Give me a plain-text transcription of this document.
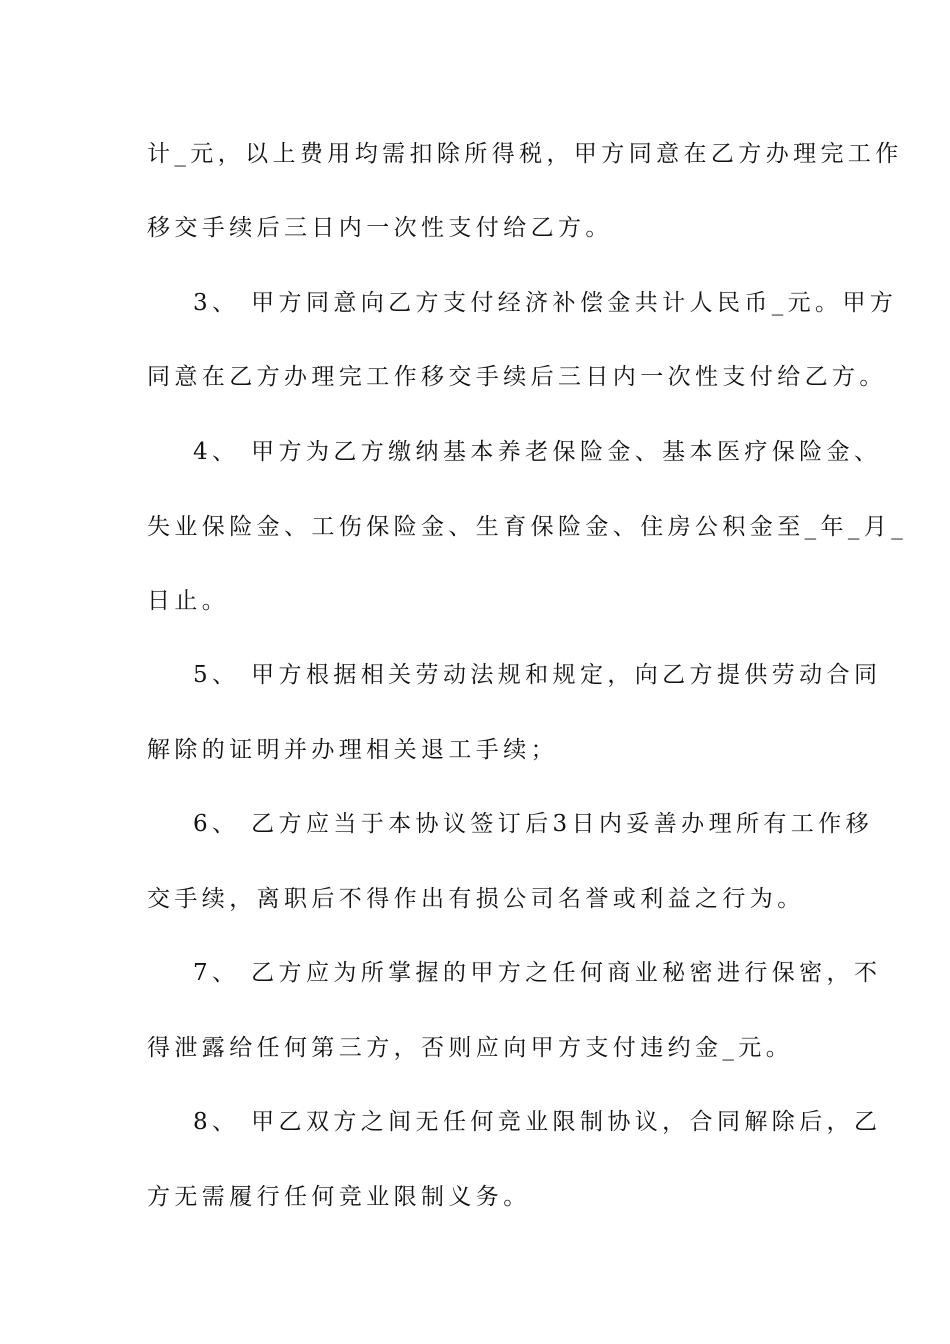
计_元，以上费用均需扣除所得税，甲方同意在乙方办理完工作
移交手续后三日内一次性支付给乙方。
3、 甲方同意向乙方支付经济补偿金共计人民币_元。甲方
同意在乙方办理完工作移交手续后三日内一次性支付给乙方。
4、 甲方为乙方缴纳基本养老保险金、基本医疗保险金、
失业保险金、工伤保险金、生育保险金、住房公积金至_年_月_
日止。
5、 甲方根据相关劳动法规和规定，向乙方提供劳动合同
解除的证明并办理相关退工手续；
6、 乙方应当于本协议签订后3日内妥善办理所有工作移
交手续，离职后不得作出有损公司名誉或利益之行为。
7、 乙方应为所掌握的甲方之任何商业秘密进行保密，不
得泄露给任何第三方，否则应向甲方支付违约金_元。
8、 甲乙双方之间无任何竞业限制协议，合同解除后，乙
方无需履行任何竞业限制义务。
